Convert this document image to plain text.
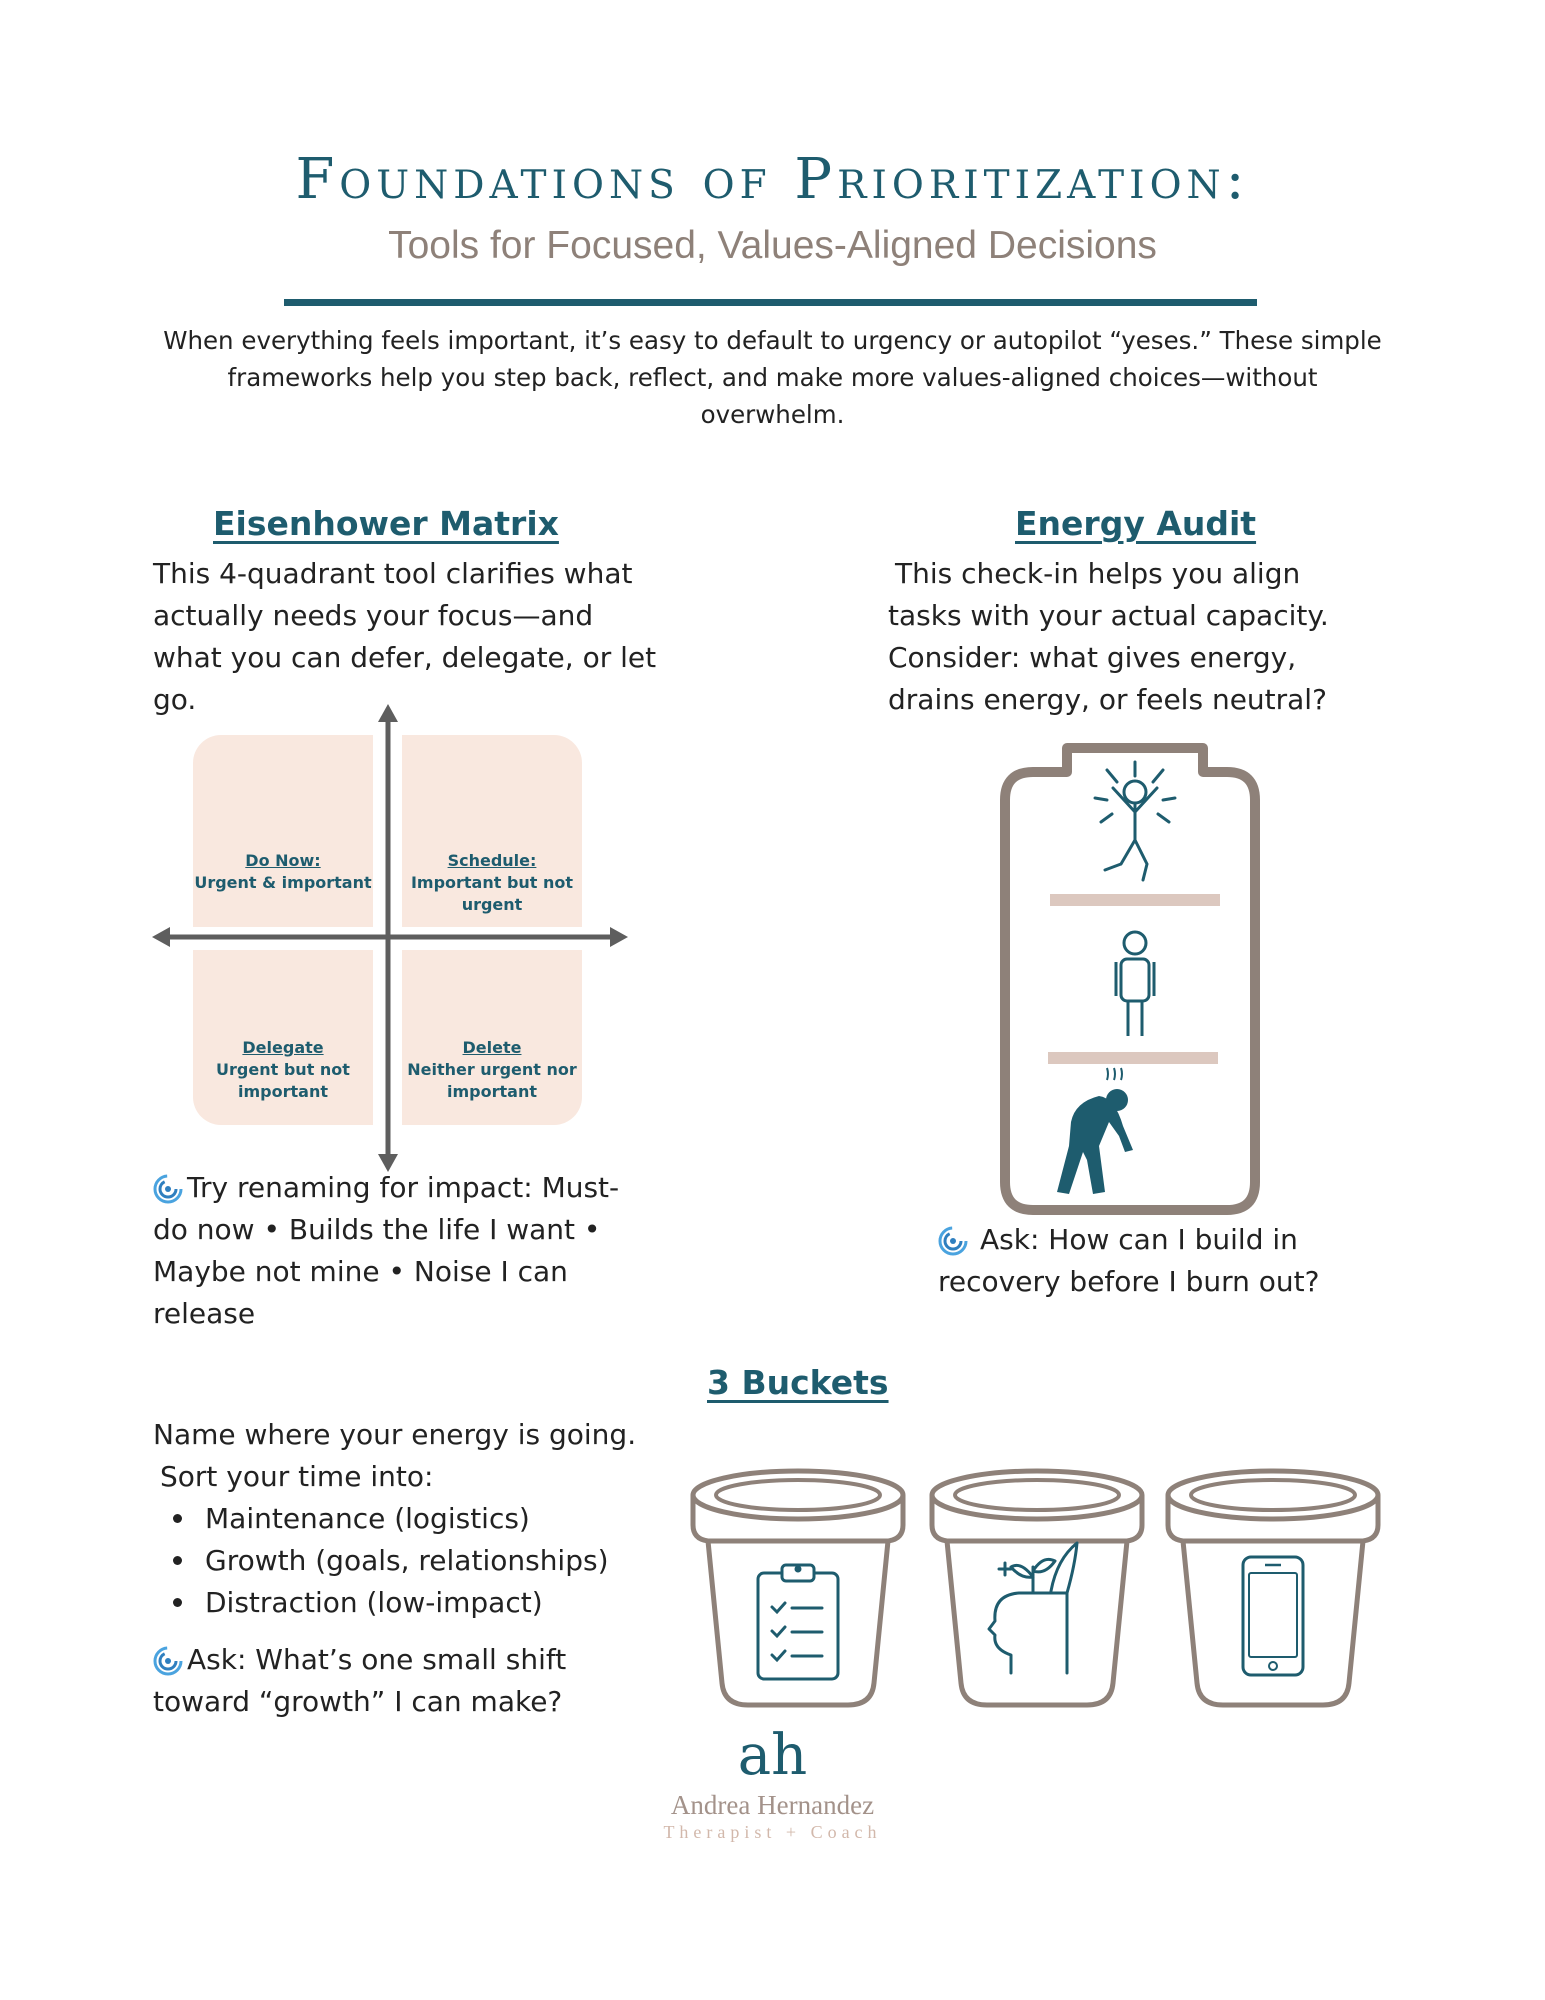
Foundations of Prioritization:
Tools for Focused, Values-Aligned Decisions
When everything feels important, it’s easy to default to urgency or autopilot “yeses.” These simple frameworks help you step back, reflect, and make more values-aligned choices—without overwhelm.
Eisenhower Matrix
This 4-quadrant tool clarifies what actually needs your focus—and what you can defer, delegate, or let go.
Do Now:
Urgent & important
Schedule:
Important but not urgent
Delegate
Urgent but not important
Delete
Neither urgent nor important
Try renaming for impact: Must-do now • Builds the life I want • Maybe not mine • Noise I can release
Energy Audit
This check-in helps you align tasks with your actual capacity. Consider: what gives energy, drains energy, or feels neutral?
Ask: How can I build in recovery before I burn out?
3 Buckets
Name where your energy is going.
Sort your time into:
Maintenance (logistics)
Growth (goals, relationships)
Distraction (low-impact)
Ask: What’s one small shift toward “growth” I can make?
ah
Andrea Hernandez
Therapist + Coach
